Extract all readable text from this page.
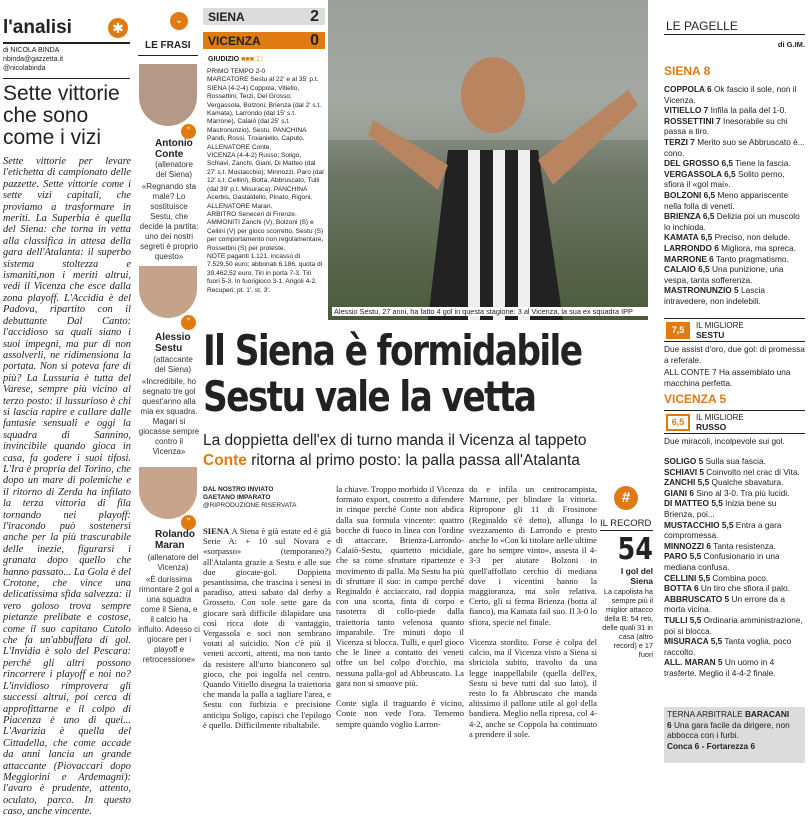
l'analisi	✱
di NICOLA BINDA
nbinda@gazzetta.it
@nicolabinda
Sette vittorie che sono come i vizi
Sette vittorie per levare l'etichetta di campionato delle pazzette. Sette vittorie come i sette vizi capitali, che proviamo a trasformare in meriti. La Superbia è quella del Siena: che torna in vetta alla classifica in attesa della gara dell'Atalanta: il superbo sistema stoltezza e ismaniti,non i meriti altrui, vedi il Vicenza che esce dalla zona playoff. L'Accidia è del Padova, ripartito con il debuttante Dal Canto: l'accidioso sa quali siano i suoi impegni, ma pur di non assolverli, ne ridimensiona la portata. Non si poteva fare di più? La Lussuria è tutta del Varese, sempre più vicino al terzo posto: il lussurioso è chi si lascia rapire e cullare dalle fantasie sensuali e oggi la squadra di Sannino, invincibile quando gioca in casa, fa godere i suoi tifosi. L'Ira è propria del Torino, che dopo un mare di polemiche e il ritorno di Zerda ha infilato la terza vittoria di fila tornando nei playoff: l'iracondo può sostenersi anche per la più trascurabile delle inezie, figurarsi i granata dopo quello che hanno passato... La Gola è del Crotone, che vince una delicatissima sfida salvezza: il vero goloso trova sempre pietanze prelibate e costose, come il suo capitano Cutolo che fa un'abbuffata di gol. L'Invidia è solo del Pescara: perché gli altri possono rincorrere i playoff e noi no? L'invidioso rimprovera gli successi altrui, poi cerca di approfittarne e il colpo di Piacenza è uno di quei... L'Avarizia è quella del Cittadella, che come accade da anni lancia un grande attaccante (Piovaccari dopo Meggiorini e Ardemagni): l'avaro è prudente, attento, oculato, parco. In questo caso, anche vincente.
⌄
LE FRASI
”
Antonio Conte
(allenatore del Siena)
«Regnando sta male? Lo sostituisce Sestu, che decide la partita: uno dei nostri segreti è proprio questo»
”
Alessio Sestu
(attaccante del Siena)
«Incredibile, ho segnato tre gol quest'anno alla mia ex squadra. Magari si giocasse sempre contro il Vicenza»
”
Rolando Maran
(allenatore del Vicenza)
«È durissima rimontare 2 gol a una squadra come il Siena, e il calcio ha influito. Adesso ci giocare per i playoff e retrocessione»
SIENA	2
VICENZA	0
GIUDIZIO ■■■□□
PRIMO TEMPO 2-0
MARCATORE Sestu al 22' e al 35' p.t.
SIENA (4-2-4) Coppola; Vitiello, Rossettini, Terzi, Del Grosso; Vergassola, Bolzoni; Brienza (dal 2' s.t. Kamata), Larrondo (dal 15' s.t. Marrone), Calaiò (dal 25' s.t. Mastronunzio), Sestu. PANCHINA Pandi, Rossi, Troianiello, Caputo. ALLENATORE Conte.
VICENZA (4-4-2) Russo; Soligo, Schiavi, Zanchi, Giani, Di Matteo (dal 27' s.t. Mustacchio); Minnozzi, Paro (dal 12' s.t. Cellini), Botta, Abbruscato, Tulli (dal 39' p.t. Misuraca). PANCHINA Acerbis, Gastaldello, Pinato, Rigoni. ALLENATORE Maran.
ARBITRO Seneceri di Firenze.
AMMONITI Zanchi (V), Bolzoni (S) e Cellini (V) per gioco scorretto, Sestu (S) per comportamento non regolamentare, Rossettini (S) per proteste.
NOTE paganti 1.121, incasso di 7.529,50 euro; abbonati 6.186, quota di 39.462,52 euro. Tiri in porta 7-3. Tiri fuori 5-3. In fuorigioco 3-1. Angoli 4-2. Recuperi: pt. 1', st. 3'.
Alessio Sestu, 27 anni, ha fatto 4 gol in questa stagione: 3 al Vicenza, la sua ex squadra IPP
Il Siena è formidabile
Sestu vale la vetta
La doppietta dell'ex di turno manda il Vicenza al tappeto
Conte ritorna al primo posto: la palla passa all'Atalanta
DAL NOSTRO INVIATO
GAETANO IMPARATO
@RIPRODUZIONE RISERVATA
SIENA A Siena è già estate ed è già Serie A: + 10 sul Novara e «sorpasso» (temporaneo?) all'Atalanta grazie a Sestu e alle sue due giocate-gol. Doppietta pesantissima, che trascina i senesi in paradiso, attesi sabato dal derby a Grosseto. Con sole sette gare da giocare sarà difficile dilapidare una così ricca dote di vantaggio, Vergassola e soci non sembrano votati al suicidio. Non c'è più il veneti accorti, attenti, ma non tanto da resistere all'urto bianconero sul gioco, che poi ingolfa nel centro. Quando Vitiello disegna la traiettoria che manda la palla a tagliare l'area, e Sestu con furbizia e precisione anticipa Soligo, capisci che l'epilogo è quello. Difficilmente ribaltabile.
la chiave. Troppo morbido il Vicenza formato export, costretto a difendere in cinque perché Conte non abdica dalla sua formula vincente: quattro bocche di fuoco in linea con l'ordine di attaccare. Brienza-Larrondo-Calaiò-Sestu, quartetto micidiale, che sa come sfruttare ripartenze e movimento di palla. Ma Sestu ha più di sfruttare il suo: in campo perché Reginaldo è acciaccato, rad doppia con una scorta, finta di corpo e rasoterra di collo-piede dalla traiettoria tanto velenosa quanto imparabile. Tre minuti dopo il Vicenza si blocca. Tulli, e quel gioco che le linee a contatto dei veneti offre un bel colpo d'occhio, ma nessuna palla-gol ad Abbruscato. La gara non si smuove più.

Conte sigla il traguardo è vicino, Conte non vede l'ora. Ternemo sempre quando voglio Larron-
do e infila un centrocampista, Marrone, per blindare la vittoria. Ripropone gli 11 di Frosinone (Reginaldo s'è detto), allunga lo svezzamento di Larrondo e presto anche lo «Con ki titolare nelle ultime gare ho sempre vinto», assesta il 4-3-3 per aiutare Bolzoni in quell'affollato cerchio di mediana dove i vicentini hanno la maggioranza, ma solo relativa. Certo, gli si ferma Brienza (botta al fianco), ma Kamata fail suo. Il 3-0 lo sfiora, specie nel finale.

Vicenza stordito. Forse è colpa del calcio, ma il Vicenza visto a Siena si sbriciola subito, travolto da una legge inappellabile (quella dell'ex, Sestu si beve tutti dal suo lato), il resto lo fa Abbruscato che manda altissimo il pallone utile al gol della bandiera. Meglio nella ripresa, col 4-4-2, anche se Coppola ha continuato a prendere il sole.
#
IL RECORD
54
I gol del Siena
La capolista ha sempre più il miglior attacco della B: 54 reti, delle quali 31 in casa (altro record) e 17 fuori
LE PAGELLE
di G.IM.
SIENA 8
COPPOLA 6 Ok fascio il sole, non il Vicenza.
VITIELLO 7 Infila la palla del 1-0.
ROSSETTINI 7 Inesorabile su chi passa a tiro.
TERZI 7 Merito suo se Abbruscato è... cono.
DEL GROSSO 6,5 Tiene la fascia.
VERGASSOLA 6,5 Solito perno, sfiora il «gol mai».
BOLZONI 6,5 Meno appariscente nella folla di veneti.
BRIENZA 6,5 Delizia poi un muscolo lo inchioda.
KAMATA 6,5 Preciso, non delude.
LARRONDO 6 Migliora, ma spreca.
MARRONE 6 Tanto pragmatismo.
CALAIO 6,5 Una punizione, una vespa, tanta sofferenza.
MASTRONUNZIO 5 Lascia intravedere, non indelebili.
7,5	IL MIGLIORE
SESTU
Due assist d'oro, due gol: di promessa a referale.
ALL CONTE 7 Ha assemblato una macchina perfetta.
VICENZA 5
6,5	IL MIGLIORE
RUSSO
Due miracoli, incolpevole sui gol.
SOLIGO 5 Sulla sua fascia.
SCHIAVI 5 Coinvolto nel crac di Vita.
ZANCHI 5,5 Qualche sbavatura.
GIANI 6 Sino al 3-0. Tra più lucidi.
DI MATTEO 5,5 Inizia bene su Brienza, poi...
MUSTACCHIO 5,5 Entra a gara compromessa.
MINNOZZI 6 Tanta resistenza.
PARO 5,5 Confusionario in una mediana confusa.
CELLINI 5,5 Combina poco.
BOTTA 6 Un tiro che sfiora il palo.
ABBRUSCATO 5 Un errore da a morta vicina.
TULLI 5,5 Ordinaria amministrazione, poi si blocca.
MISURACA 5,5 Tanta voglia, poco raccolto.
ALL. MARAN 5 Un uomo in 4 trasferte. Meglio il 4-4-2 finale.
TERNA ARBITRALE BARACANI
6 Una gara facile da dirigere, non abbocca con i furbi.
Conca 6 - Fortarezza 6
